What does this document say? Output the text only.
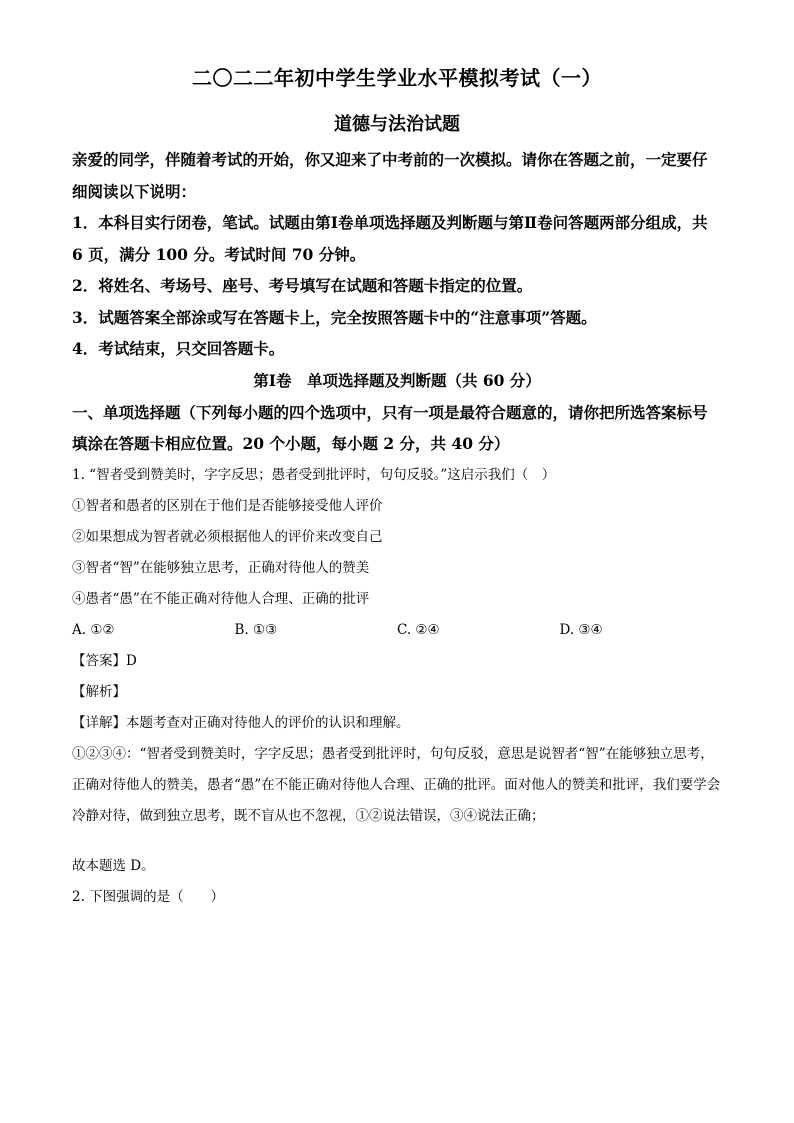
二〇二二年初中学生学业水平模拟考试（一）
道德与法治试题

亲爱的同学，伴随着考试的开始，你又迎来了中考前的一次模拟。请你在答题之前，一定要仔细阅读以下说明：

1．本科目实行闭卷，笔试。试题由第Ⅰ卷单项选择题及判断题与第Ⅱ卷问答题两部分组成，共 6 页，满分 100 分。考试时间 70 分钟。

2．将姓名、考场号、座号、考号填写在试题和答题卡指定的位置。

3．试题答案全部涂或写在答题卡上，完全按照答题卡中的“注意事项”答题。

4．考试结束，只交回答题卡。

第Ⅰ卷　单项选择题及判断题（共 60 分）

一、单项选择题（下列每小题的四个选项中，只有一项是最符合题意的，请你把所选答案标号填涂在答题卡相应位置。20 个小题，每小题 2 分，共 40 分）

1. “智者受到赞美时，字字反思；愚者受到批评时，句句反驳。”这启示我们（　）

①智者和愚者的区别在于他们是否能够接受他人评价

②如果想成为智者就必须根据他人的评价来改变自己

③智者“智”在能够独立思考，正确对待他人的赞美

④愚者“愚”在不能正确对待他人合理、正确的批评

A. ①②	B. ①③	C. ②④	D. ③④

【答案】D

【解析】

【详解】本题考查对正确对待他人的评价的认识和理解。

①②③④：“智者受到赞美时，字字反思；愚者受到批评时，句句反驳，意思是说智者“智”在能够独立思考，正确对待他人的赞美，愚者“愚”在不能正确对待他人合理、正确的批评。面对他人的赞美和批评，我们要学会冷静对待，做到独立思考，既不盲从也不忽视，①②说法错误，③④说法正确；

故本题选 D。

2. 下图强调的是（　　）
